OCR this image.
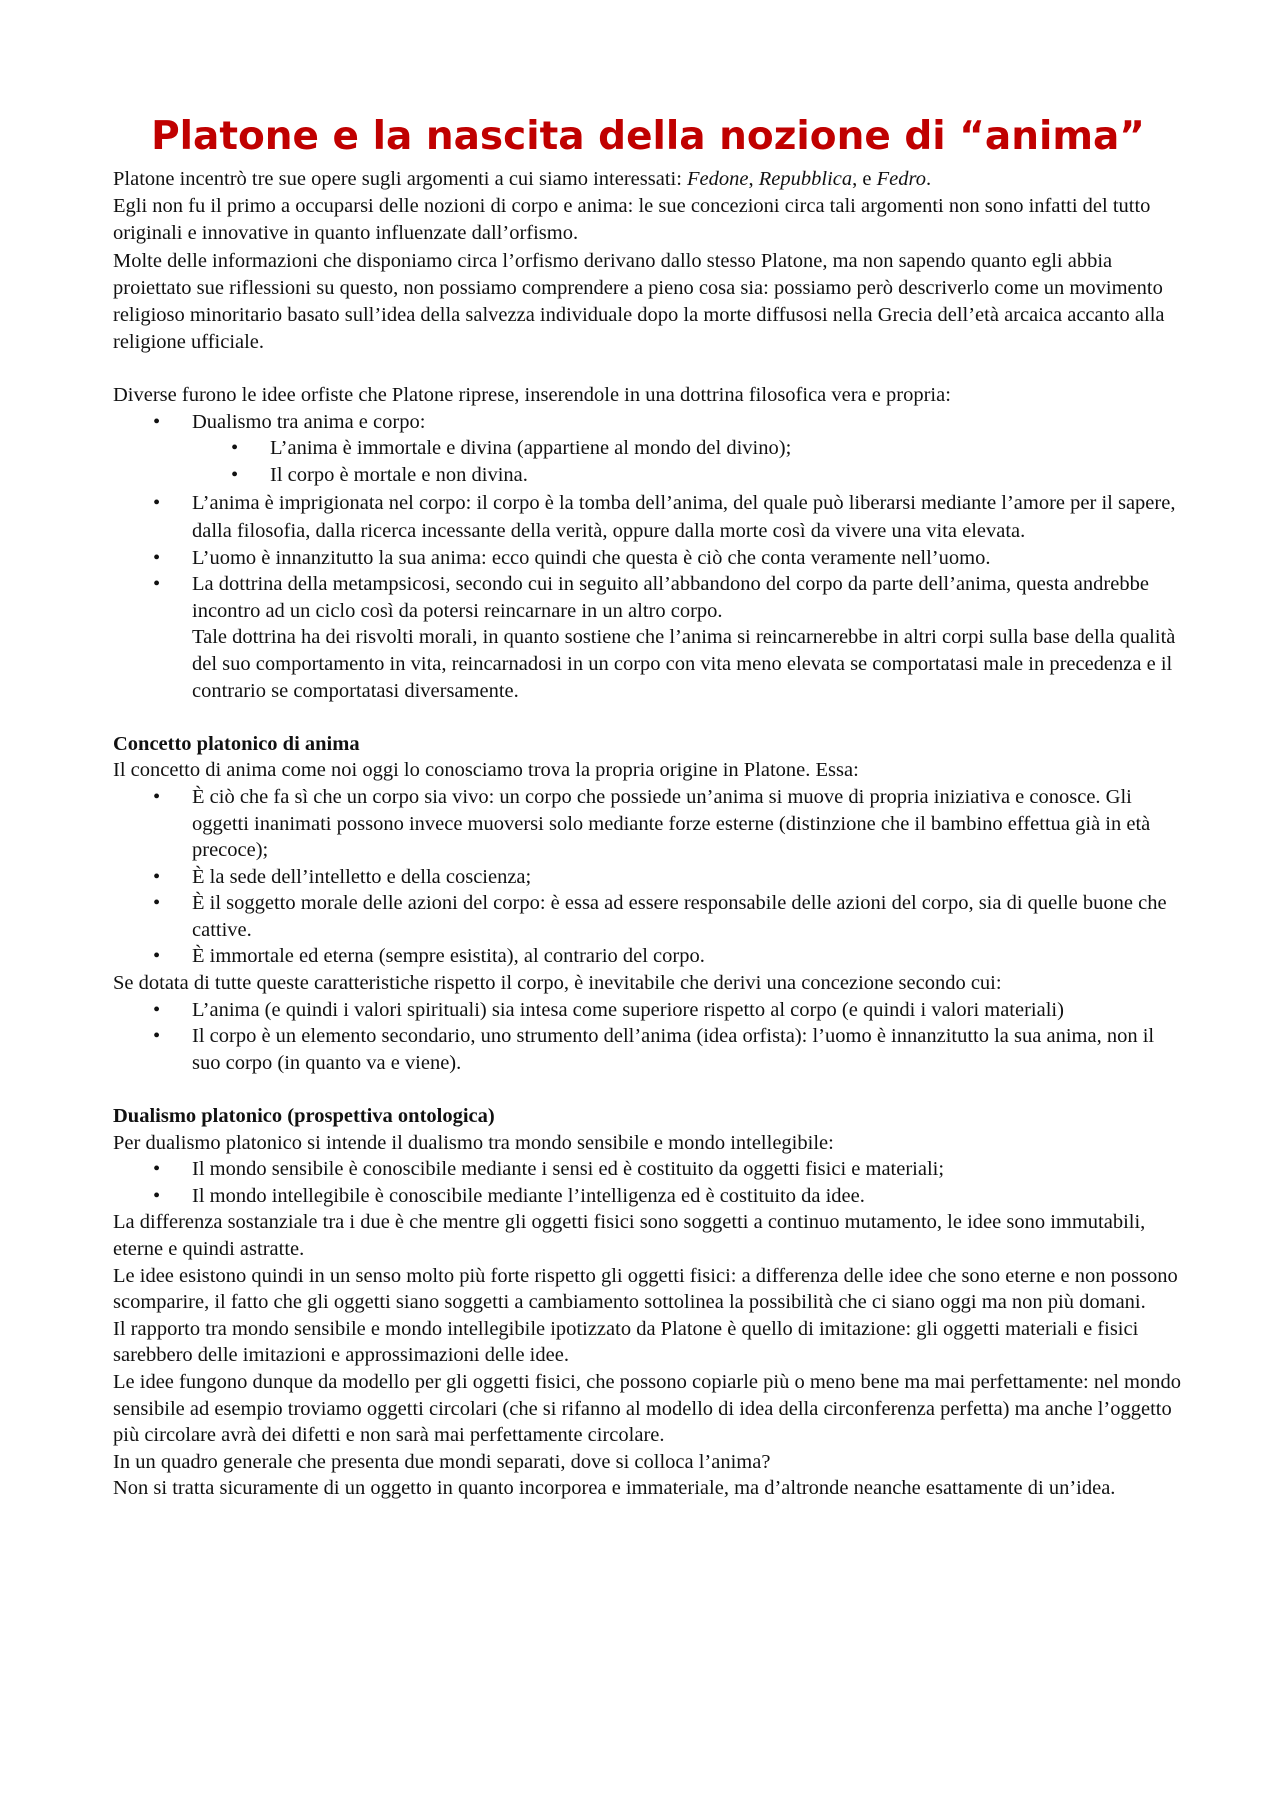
Platone e la nascita della nozione di “anima”

Platone incentrò tre sue opere sugli argomenti a cui siamo interessati: Fedone, Repubblica, e Fedro.

Egli non fu il primo a occuparsi delle nozioni di corpo e anima: le sue concezioni circa tali argomenti non sono infatti del tutto originali e innovative in quanto influenzate dall’orfismo.

Molte delle informazioni che disponiamo circa l’orfismo derivano dallo stesso Platone, ma non sapendo quanto egli abbia proiettato sue riflessioni su questo, non possiamo comprendere a pieno cosa sia: possiamo però descriverlo come un movimento religioso minoritario basato sull’idea della salvezza individuale dopo la morte diffusosi nella Grecia dell’età arcaica accanto alla religione ufficiale.

Diverse furono le idee orfiste che Platone riprese, inserendole in una dottrina filosofica vera e propria:

• Dualismo tra anima e corpo:
• L’anima è immortale e divina (appartiene al mondo del divino);
• Il corpo è mortale e non divina.
• L’anima è imprigionata nel corpo: il corpo è la tomba dell’anima, del quale può liberarsi mediante l’amore per il sapere, dalla filosofia, dalla ricerca incessante della verità, oppure dalla morte così da vivere una vita elevata.
• L’uomo è innanzitutto la sua anima: ecco quindi che questa è ciò che conta veramente nell’uomo.
• La dottrina della metampsicosi, secondo cui in seguito all’abbandono del corpo da parte dell’anima, questa andrebbe incontro ad un ciclo così da potersi reincarnare in un altro corpo.
Tale dottrina ha dei risvolti morali, in quanto sostiene che l’anima si reincarnerebbe in altri corpi sulla base della qualità del suo comportamento in vita, reincarnadosi in un corpo con vita meno elevata se comportatasi male in precedenza e il contrario se comportatasi diversamente.

Concetto platonico di anima

Il concetto di anima come noi oggi lo conosciamo trova la propria origine in Platone. Essa:

• È ciò che fa sì che un corpo sia vivo: un corpo che possiede un’anima si muove di propria iniziativa e conosce. Gli oggetti inanimati possono invece muoversi solo mediante forze esterne (distinzione che il bambino effettua già in età precoce);
• È la sede dell’intelletto e della coscienza;
• È il soggetto morale delle azioni del corpo: è essa ad essere responsabile delle azioni del corpo, sia di quelle buone che cattive.
• È immortale ed eterna (sempre esistita), al contrario del corpo.

Se dotata di tutte queste caratteristiche rispetto il corpo, è inevitabile che derivi una concezione secondo cui:

• L’anima (e quindi i valori spirituali) sia intesa come superiore rispetto al corpo (e quindi i valori materiali)
• Il corpo è un elemento secondario, uno strumento dell’anima (idea orfista): l’uomo è innanzitutto la sua anima, non il suo corpo (in quanto va e viene).

Dualismo platonico (prospettiva ontologica)

Per dualismo platonico si intende il dualismo tra mondo sensibile e mondo intellegibile:

• Il mondo sensibile è conoscibile mediante i sensi ed è costituito da oggetti fisici e materiali;
• Il mondo intellegibile è conoscibile mediante l’intelligenza ed è costituito da idee.

La differenza sostanziale tra i due è che mentre gli oggetti fisici sono soggetti a continuo mutamento, le idee sono immutabili, eterne e quindi astratte.

Le idee esistono quindi in un senso molto più forte rispetto gli oggetti fisici: a differenza delle idee che sono eterne e non possono scomparire, il fatto che gli oggetti siano soggetti a cambiamento sottolinea la possibilità che ci siano oggi ma non più domani.

Il rapporto tra mondo sensibile e mondo intellegibile ipotizzato da Platone è quello di imitazione: gli oggetti materiali e fisici sarebbero delle imitazioni e approssimazioni delle idee.

Le idee fungono dunque da modello per gli oggetti fisici, che possono copiarle più o meno bene ma mai perfettamente: nel mondo sensibile ad esempio troviamo oggetti circolari (che si rifanno al modello di idea della circonferenza perfetta) ma anche l’oggetto più circolare avrà dei difetti e non sarà mai perfettamente circolare.

In un quadro generale che presenta due mondi separati, dove si colloca l’anima?

Non si tratta sicuramente di un oggetto in quanto incorporea e immateriale, ma d’altronde neanche esattamente di un’idea.
